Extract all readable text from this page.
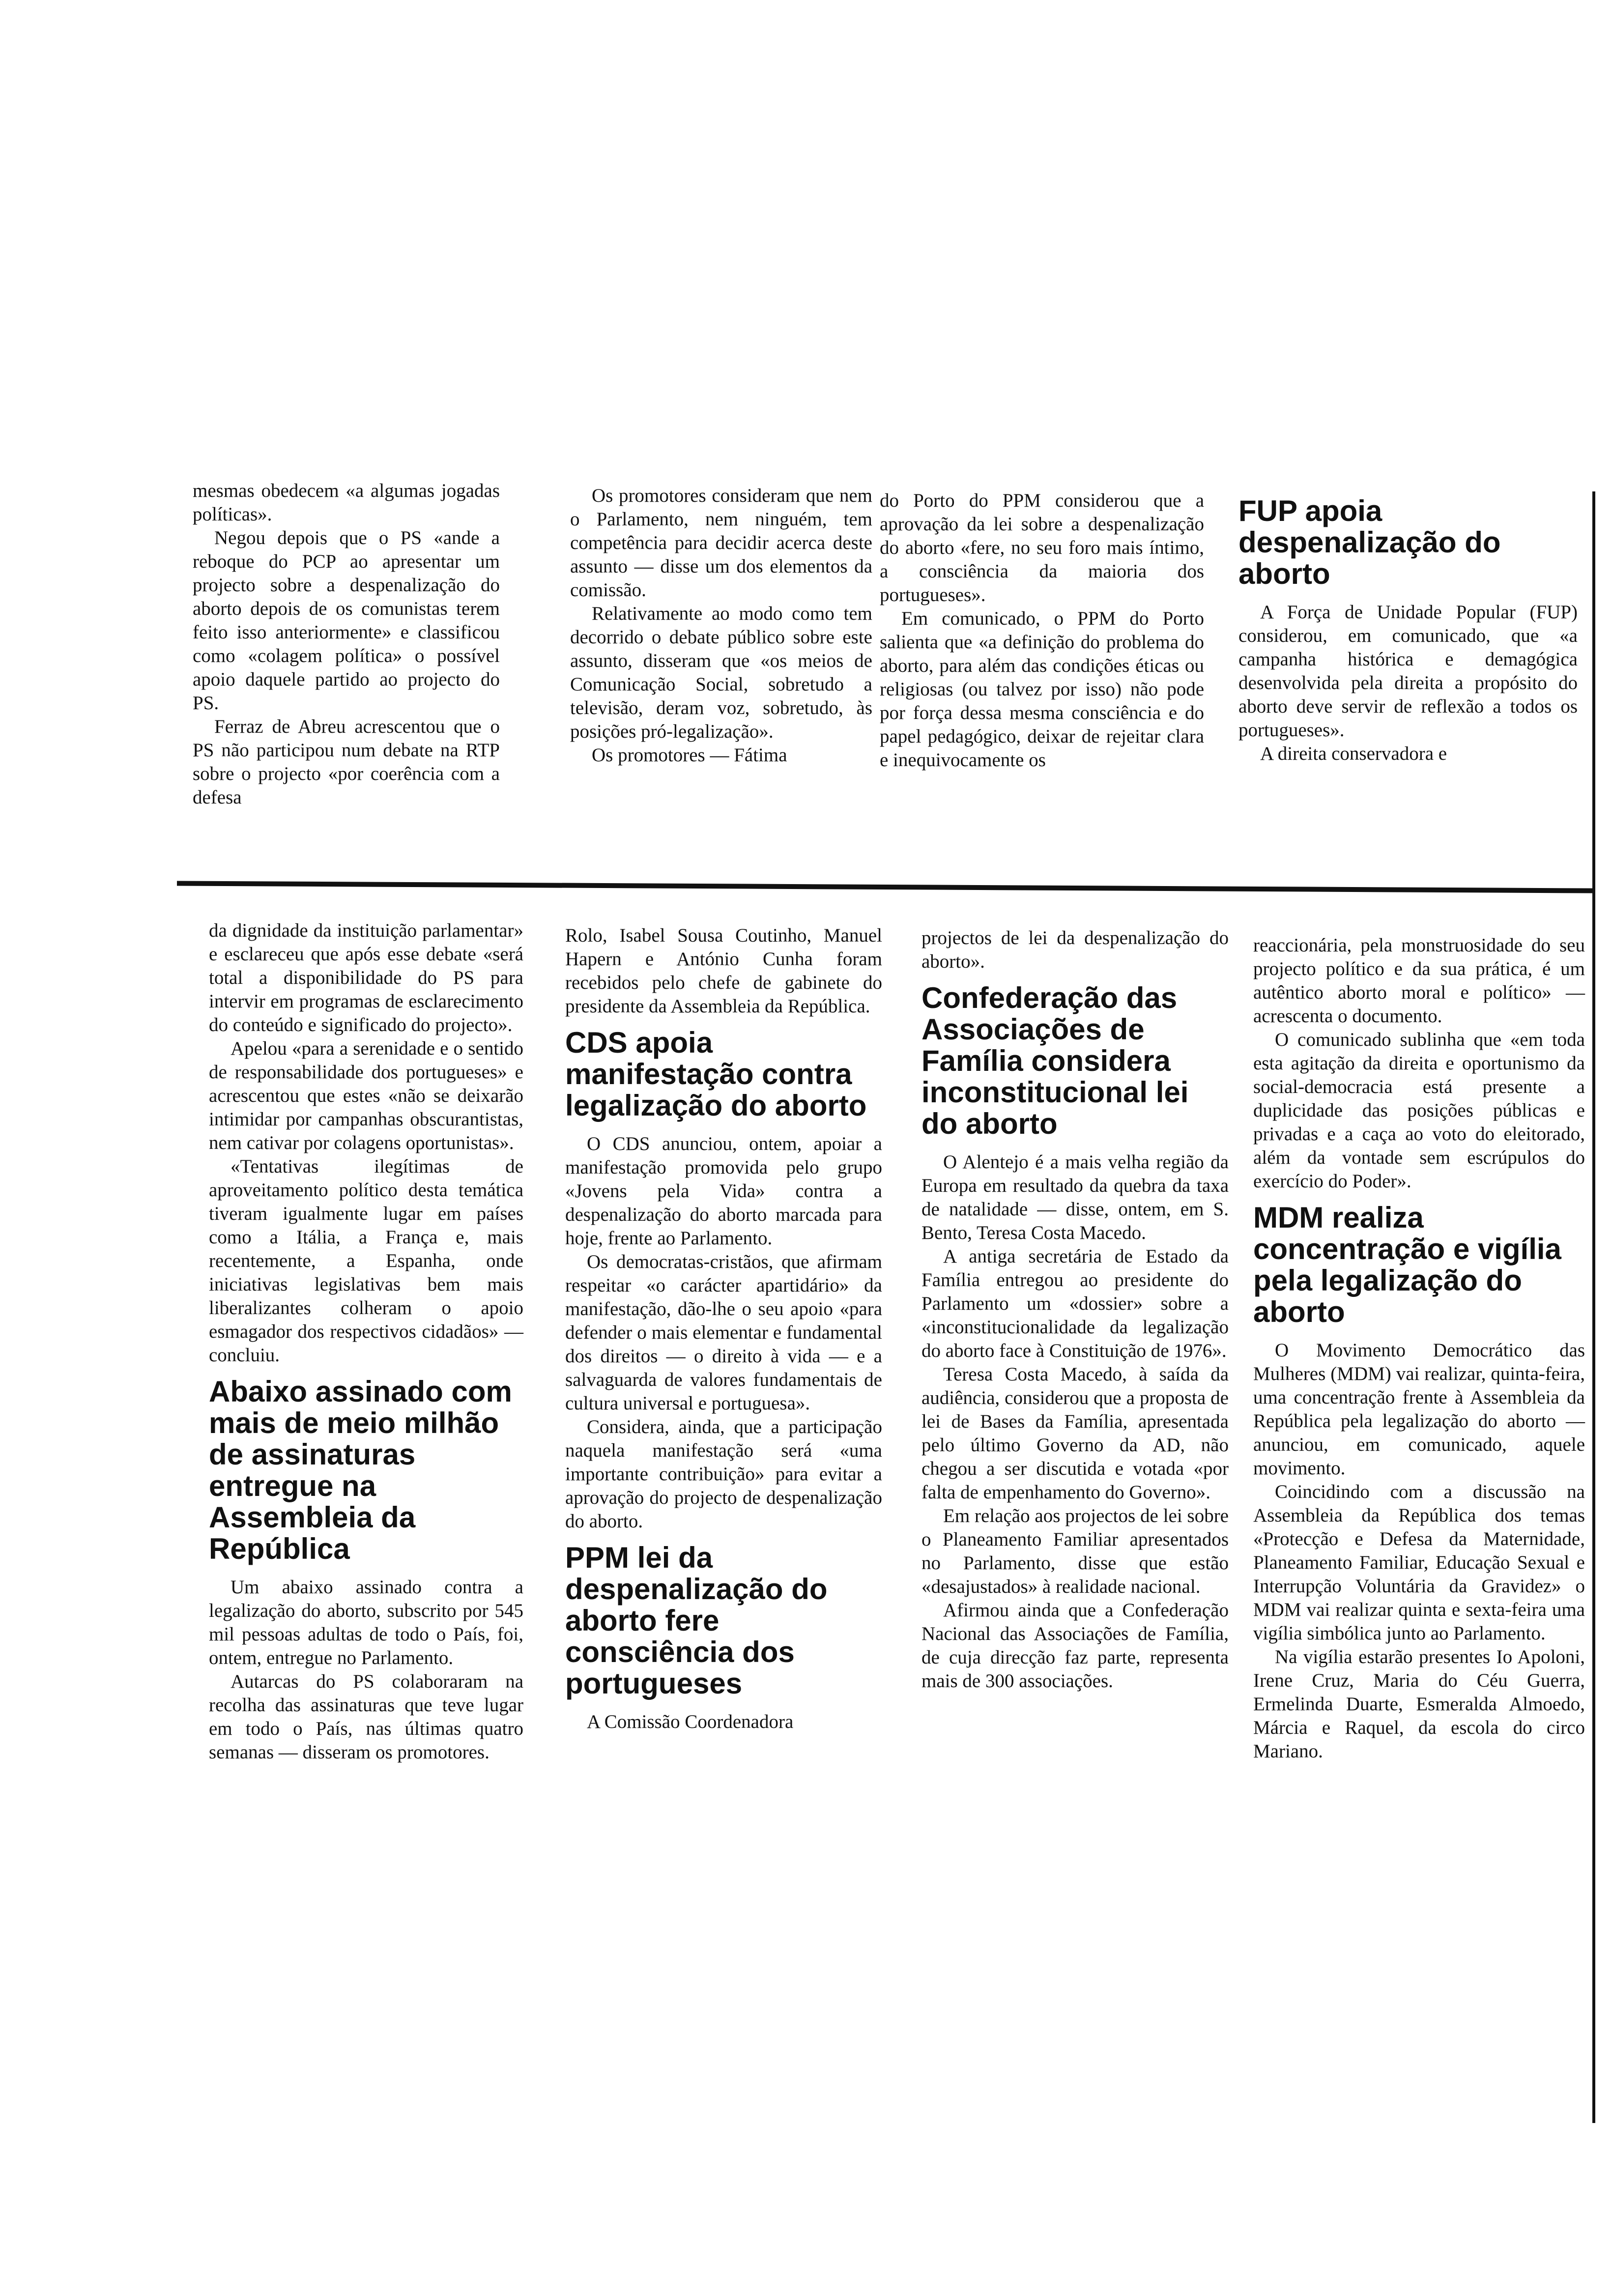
mesmas obedecem «a algumas jogadas políticas».

Negou depois que o PS «ande a reboque do PCP ao apresentar um projecto sobre a despenalização do aborto depois de os comunistas terem feito isso anteriormente» e classificou como «colagem política» o possível apoio daquele partido ao projecto do PS.

Ferraz de Abreu acrescentou que o PS não participou num debate na RTP sobre o projecto «por coerência com a defesa

Os promotores consideram que nem o Parlamento, nem ninguém, tem competência para decidir acerca deste assunto — disse um dos elementos da comissão.

Relativamente ao modo como tem decorrido o debate público sobre este assunto, disseram que «os meios de Comunicação Social, sobretudo a televisão, deram voz, sobretudo, às posições pró-legalização».

Os promotores — Fátima

do Porto do PPM considerou que a aprovação da lei sobre a despenalização do aborto «fere, no seu foro mais íntimo, a consciência da maioria dos portugueses».

Em comunicado, o PPM do Porto salienta que «a definição do problema do aborto, para além das condições éticas ou religiosas (ou talvez por isso) não pode por força dessa mesma consciência e do papel pedagógico, deixar de rejeitar clara e inequivocamente os

FUP apoia despenalização do aborto

A Força de Unidade Popular (FUP) considerou, em comunicado, que «a campanha histórica e demagógica desenvolvida pela direita a propósito do aborto deve servir de reflexão a todos os portugueses».

A direita conservadora e

da dignidade da instituição parlamentar» e esclareceu que após esse debate «será total a disponibilidade do PS para intervir em programas de esclarecimento do conteúdo e significado do projecto».

Apelou «para a serenidade e o sentido de responsabilidade dos portugueses» e acrescentou que estes «não se deixarão intimidar por campanhas obscurantistas, nem cativar por colagens oportunistas».

«Tentativas ilegítimas de aproveitamento político desta temática tiveram igualmente lugar em países como a Itália, a França e, mais recentemente, a Espanha, onde iniciativas legislativas bem mais liberalizantes colheram o apoio esmagador dos respectivos cidadãos» — concluiu.

Abaixo assinado com mais de meio milhão de assinaturas entregue na Assembleia da República

Um abaixo assinado contra a legalização do aborto, subscrito por 545 mil pessoas adultas de todo o País, foi, ontem, entregue no Parlamento.

Autarcas do PS colaboraram na recolha das assinaturas que teve lugar em todo o País, nas últimas quatro semanas — disseram os promotores.

Rolo, Isabel Sousa Coutinho, Manuel Hapern e António Cunha foram recebidos pelo chefe de gabinete do presidente da Assembleia da República.

CDS apoia manifestação contra legalização do aborto

O CDS anunciou, ontem, apoiar a manifestação promovida pelo grupo «Jovens pela Vida» contra a despenalização do aborto marcada para hoje, frente ao Parlamento.

Os democratas-cristãos, que afirmam respeitar «o carácter apartidário» da manifestação, dão-lhe o seu apoio «para defender o mais elementar e fundamental dos direitos — o direito à vida — e a salvaguarda de valores fundamentais de cultura universal e portuguesa».

Considera, ainda, que a participação naquela manifestação será «uma importante contribuição» para evitar a aprovação do projecto de despenalização do aborto.

PPM lei da despenalização do aborto fere consciência dos portugueses

A Comissão Coordenadora

projectos de lei da despenalização do aborto».

Confederação das Associações de Família considera inconstitucional lei do aborto

O Alentejo é a mais velha região da Europa em resultado da quebra da taxa de natalidade — disse, ontem, em S. Bento, Teresa Costa Macedo.

A antiga secretária de Estado da Família entregou ao presidente do Parlamento um «dossier» sobre a «inconstitucionalidade da legalização do aborto face à Constituição de 1976».

Teresa Costa Macedo, à saída da audiência, considerou que a proposta de lei de Bases da Família, apresentada pelo último Governo da AD, não chegou a ser discutida e votada «por falta de empenhamento do Governo».

Em relação aos projectos de lei sobre o Planeamento Familiar apresentados no Parlamento, disse que estão «desajustados» à realidade nacional.

Afirmou ainda que a Confederação Nacional das Associações de Família, de cuja direcção faz parte, representa mais de 300 associações.

reaccionária, pela monstruosidade do seu projecto político e da sua prática, é um autêntico aborto moral e político» — acrescenta o documento.

O comunicado sublinha que «em toda esta agitação da direita e oportunismo da social-democracia está presente a duplicidade das posições públicas e privadas e a caça ao voto do eleitorado, além da vontade sem escrúpulos do exercício do Poder».

MDM realiza concentração e vigília pela legalização do aborto

O Movimento Democrático das Mulheres (MDM) vai realizar, quinta-feira, uma concentração frente à Assembleia da República pela legalização do aborto — anunciou, em comunicado, aquele movimento.

Coincidindo com a discussão na Assembleia da República dos temas «Protecção e Defesa da Maternidade, Planeamento Familiar, Educação Sexual e Interrupção Voluntária da Gravidez» o MDM vai realizar quinta e sexta-feira uma vigília simbólica junto ao Parlamento.

Na vigília estarão presentes Io Apoloni, Irene Cruz, Maria do Céu Guerra, Ermelinda Duarte, Esmeralda Almoedo, Márcia e Raquel, da escola do circo Mariano.
